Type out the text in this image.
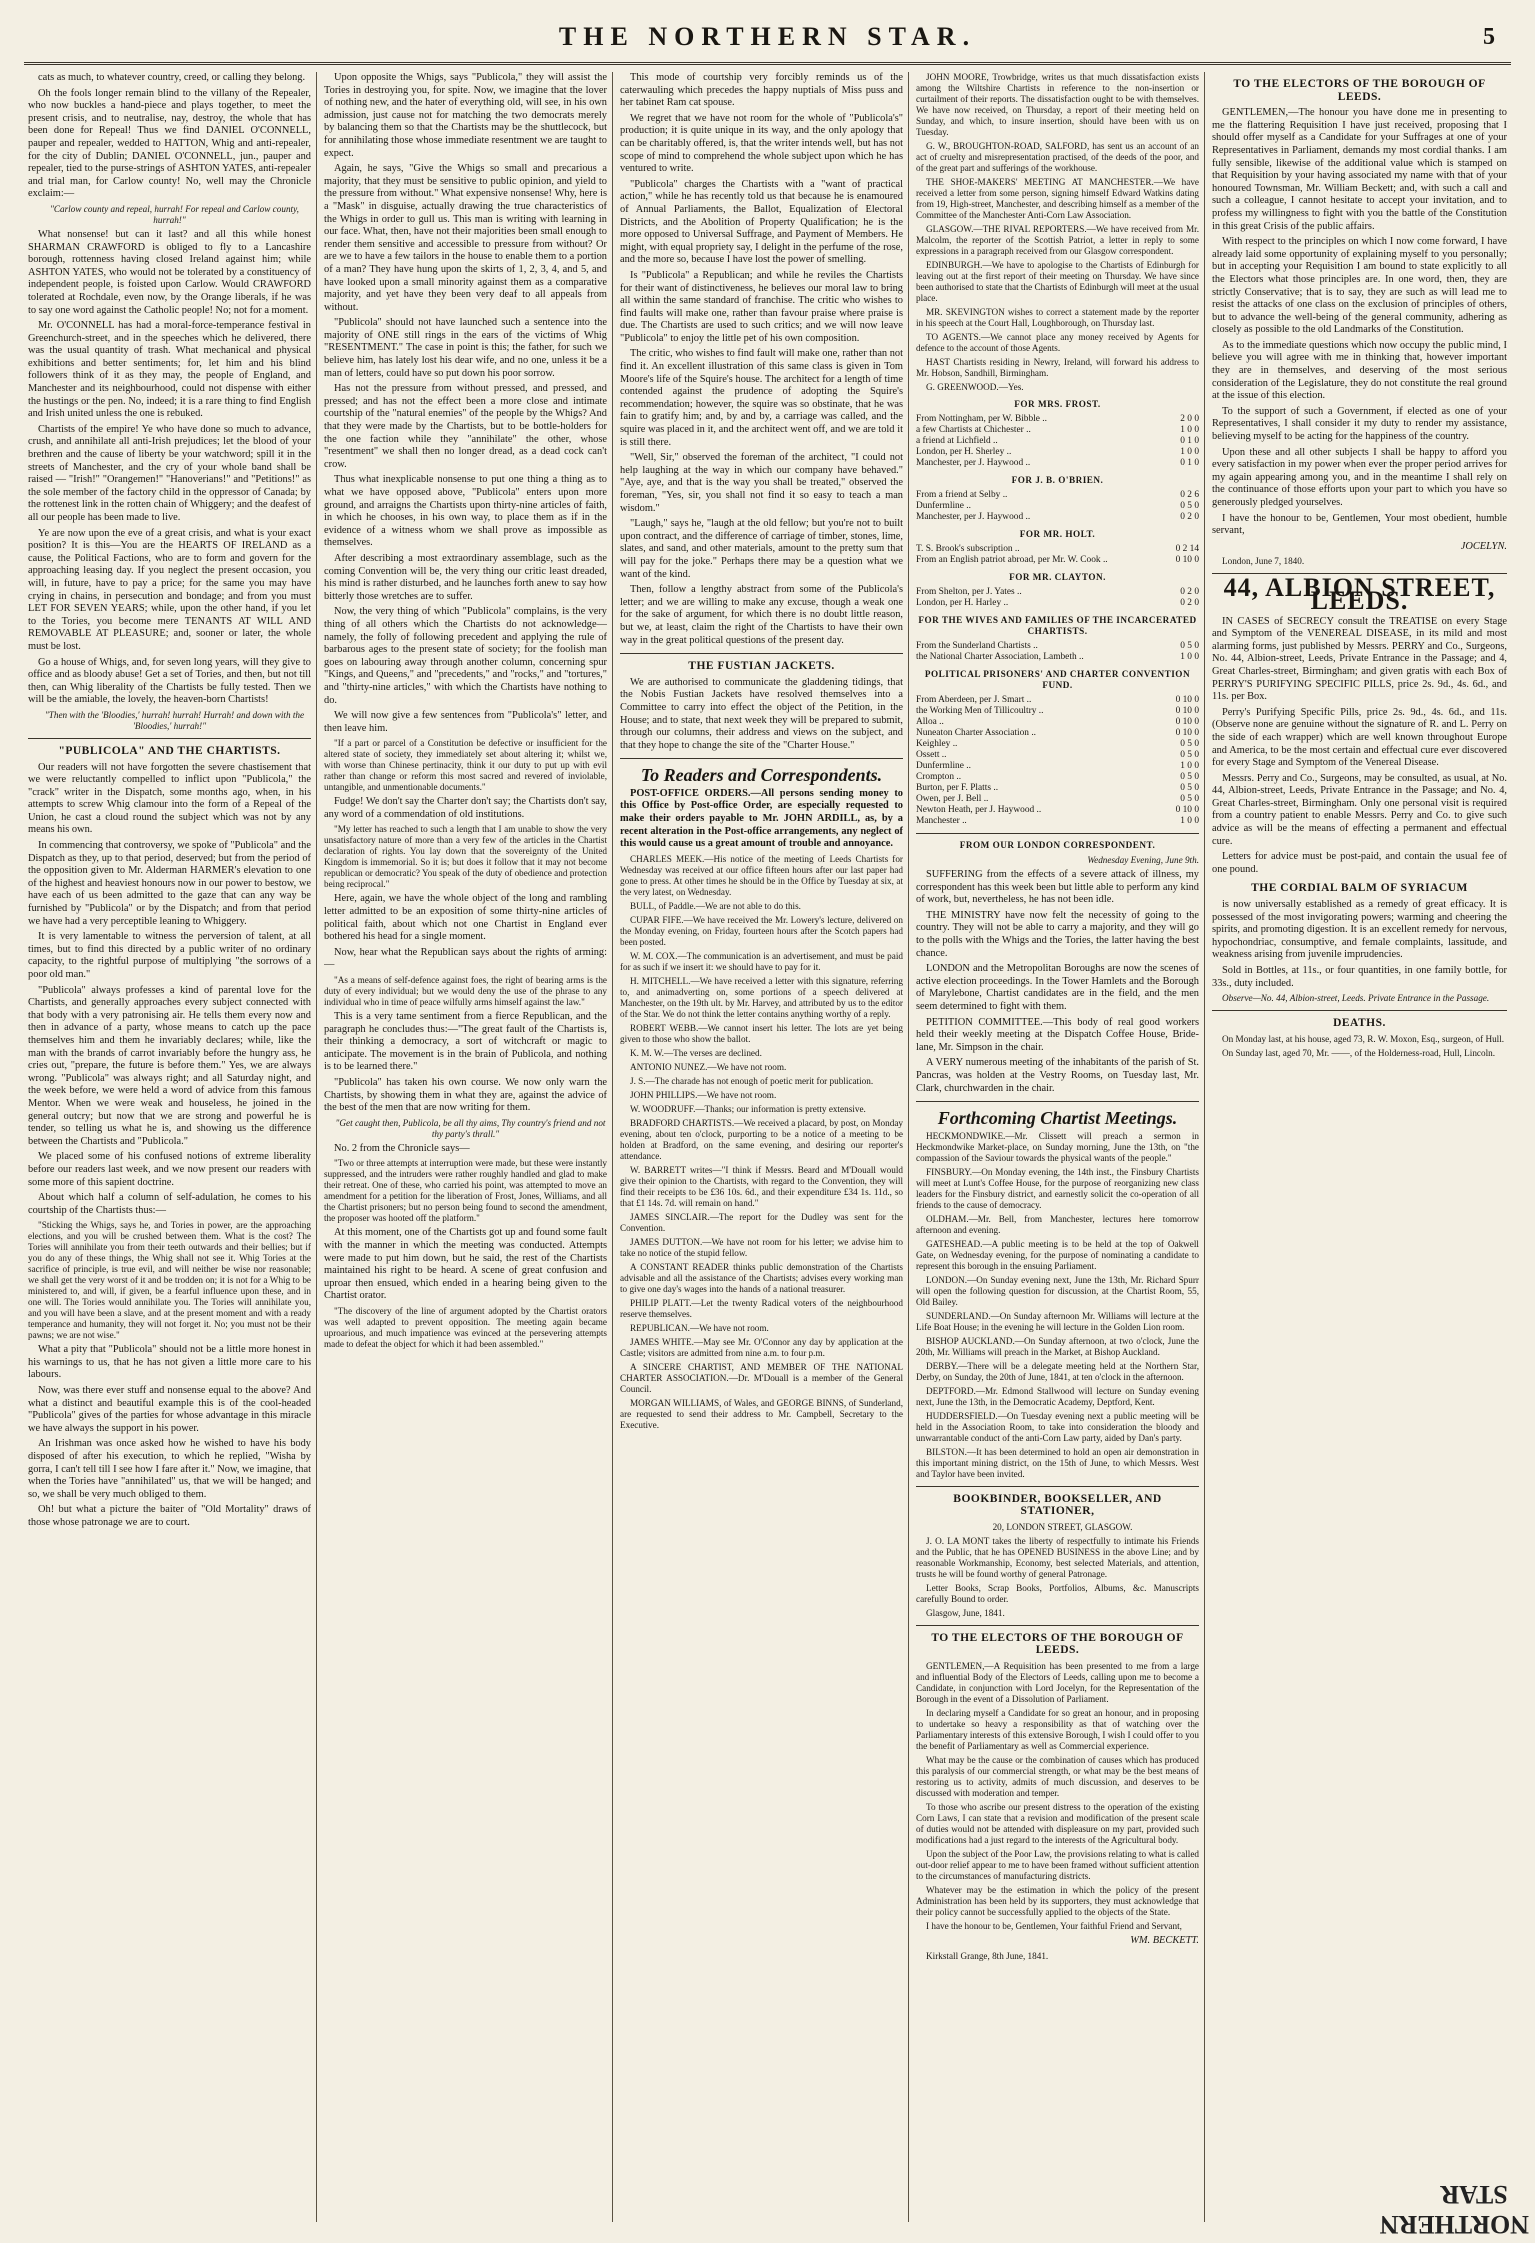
THE NORTHERN STAR.	5

cats as much, to whatever country, creed, or calling they belong.

Oh the fools longer remain blind to the villany of the Repealer, who now buckles a hand-piece and plays together, to meet the present crisis, and to neutralise, nay, destroy, the whole that has been done for Repeal! Thus we find DANIEL O'CONNELL, pauper and repealer, wedded to HATTON, Whig and anti-repealer, for the city of Dublin; DANIEL O'CONNELL, jun., pauper and repealer, tied to the purse-strings of ASHTON YATES, anti-repealer and trial man, for Carlow county! No, well may the Chronicle exclaim:—

"Carlow county and repeal, hurrah! For repeal and Carlow county, hurrah!"

What nonsense! but can it last? and all this while honest SHARMAN CRAWFORD is obliged to fly to a Lancashire borough, rottenness having closed Ireland against him; while ASHTON YATES, who would not be tolerated by a constituency of independent people, is foisted upon Carlow. Would CRAWFORD tolerated at Rochdale, even now, by the Orange liberals, if he was to say one word against the Catholic people! No; not for a moment.

Mr. O'CONNELL has had a moral-force-temperance festival in Greenchurch-street, and in the speeches which he delivered, there was the usual quantity of trash. What mechanical and physical exhibitions and better sentiments; for, let him and his blind followers think of it as they may, the people of England, and Manchester and its neighbourhood, could not dispense with either the hustings or the pen. No, indeed; it is a rare thing to find English and Irish united unless the one is rebuked.

Chartists of the empire! Ye who have done so much to advance, crush, and annihilate all anti-Irish prejudices; let the blood of your brethren and the cause of liberty be your watchword; spill it in the streets of Manchester, and the cry of your whole band shall be raised — "Irish!" "Orangemen!" "Hanoverians!" and "Petitions!" as the sole member of the factory child in the oppressor of Canada; by the rottenest link in the rotten chain of Whiggery; and the deafest of all our people has been made to live.

Ye are now upon the eve of a great crisis, and what is your exact position? It is this—You are the HEARTS OF IRELAND as a cause, the Political Factions, who are to form and govern for the approaching leasing day. If you neglect the present occasion, you will, in future, have to pay a price; for the same you may have crying in chains, in persecution and bondage; and from you must LET FOR SEVEN YEARS; while, upon the other hand, if you let to the Tories, you become mere TENANTS AT WILL AND REMOVABLE AT PLEASURE; and, sooner or later, the whole must be lost.

Go a house of Whigs, and, for seven long years, will they give to office and as bloody abuse! Get a set of Tories, and then, but not till then, can Whig liberality of the Chartists be fully tested. Then we will be the amiable, the lovely, the heaven-born Chartists!

"Then with the 'Bloodies,' hurrah! hurrah! Hurrah! and down with the 'Bloodies,' hurrah!"

"PUBLICOLA" AND THE CHARTISTS.

Our readers will not have forgotten the severe chastisement that we were reluctantly compelled to inflict upon "Publicola," the "crack" writer in the Dispatch, some months ago, when, in his attempts to screw Whig clamour into the form of a Repeal of the Union, he cast a cloud round the subject which was not by any means his own.

In commencing that controversy, we spoke of "Publicola" and the Dispatch as they, up to that period, deserved; but from the period of the opposition given to Mr. Alderman HARMER's elevation to one of the highest and heaviest honours now in our power to bestow, we have each of us been admitted to the gaze that can any way be furnished by "Publicola" or by the Dispatch; and from that period we have had a very perceptible leaning to Whiggery.

It is very lamentable to witness the perversion of talent, at all times, but to find this directed by a public writer of no ordinary capacity, to the rightful purpose of multiplying "the sorrows of a poor old man."

"Publicola" always professes a kind of parental love for the Chartists, and generally approaches every subject connected with that body with a very patronising air. He tells them every now and then in advance of a party, whose means to catch up the pace themselves him and them he invariably declares; while, like the man with the brands of carrot invariably before the hungry ass, he cries out, "prepare, the future is before them." Yes, we are always wrong. "Publicola" was always right; and all Saturday night, and the week before, we were held a word of advice from this famous Mentor. When we were weak and houseless, he joined in the general outcry; but now that we are strong and powerful he is tender, so telling us what he is, and showing us the difference between the Chartists and "Publicola."

We placed some of his confused notions of extreme liberality before our readers last week, and we now present our readers with some more of this sapient doctrine.

About which half a column of self-adulation, he comes to his courtship of the Chartists thus:—

"Sticking the Whigs, says he, and Tories in power, are the approaching elections, and you will be crushed between them. What is the cost? The Tories will annihilate you from their teeth outwards and their bellies; but if you do any of these things, the Whig shall not see it. Whig Tories at the sacrifice of principle, is true evil, and will neither be wise nor reasonable; we shall get the very worst of it and be trodden on; it is not for a Whig to be ministered to, and will, if given, be a fearful influence upon these, and in one will. The Tories would annihilate you. The Tories will annihilate you, and you will have been a slave, and at the present moment and with a ready temperance and humanity, they will not forget it. No; you must not be their pawns; we are not wise."

What a pity that "Publicola" should not be a little more honest in his warnings to us, that he has not given a little more care to his labours.

Now, was there ever stuff and nonsense equal to the above? And what a distinct and beautiful example this is of the cool-headed "Publicola" gives of the parties for whose advantage in this miracle we have always the support in his power.

An Irishman was once asked how he wished to have his body disposed of after his execution, to which he replied, "Wisha by gorra, I can't tell till I see how I fare after it." Now, we imagine, that when the Tories have "annihilated" us, that we will be hanged; and so, we shall be very much obliged to them.

Oh! but what a picture the baiter of "Old Mortality" draws of those whose patronage we are to court.

Upon opposite the Whigs, says "Publicola," they will assist the Tories in destroying you, for spite. Now, we imagine that the lover of nothing new, and the hater of everything old, will see, in his own admission, just cause not for matching the two democrats merely by balancing them so that the Chartists may be the shuttlecock, but for annihilating those whose immediate resentment we are taught to expect.

Again, he says, "Give the Whigs so small and precarious a majority, that they must be sensitive to public opinion, and yield to the pressure from without." What expensive nonsense! Why, here is a "Mask" in disguise, actually drawing the true characteristics of the Whigs in order to gull us. This man is writing with learning in our face. What, then, have not their majorities been small enough to render them sensitive and accessible to pressure from without? Or are we to have a few tailors in the house to enable them to a portion of a man? They have hung upon the skirts of 1, 2, 3, 4, and 5, and have looked upon a small minority against them as a comparative majority, and yet have they been very deaf to all appeals from without.

"Publicola" should not have launched such a sentence into the majority of ONE still rings in the ears of the victims of Whig "RESENTMENT." The case in point is this; the father, for such we believe him, has lately lost his dear wife, and no one, unless it be a man of letters, could have so put down his poor sorrow.

Has not the pressure from without pressed, and pressed, and pressed; and has not the effect been a more close and intimate courtship of the "natural enemies" of the people by the Whigs? And that they were made by the Chartists, but to be bottle-holders for the one faction while they "annihilate" the other, whose "resentment" we shall then no longer dread, as a dead cock can't crow.

Thus what inexplicable nonsense to put one thing a thing as to what we have opposed above, "Publicola" enters upon more ground, and arraigns the Chartists upon thirty-nine articles of faith, in which he chooses, in his own way, to place them as if in the evidence of a witness whom we shall prove as impossible as themselves.

After describing a most extraordinary assemblage, such as the coming Convention will be, the very thing our critic least dreaded, his mind is rather disturbed, and he launches forth anew to say how bitterly those wretches are to suffer.

Now, the very thing of which "Publicola" complains, is the very thing of all others which the Chartists do not acknowledge—namely, the folly of following precedent and applying the rule of barbarous ages to the present state of society; for the foolish man goes on labouring away through another column, concerning spur "Kings, and Queens," and "precedents," and "rocks," and "tortures," and "thirty-nine articles," with which the Chartists have nothing to do.

We will now give a few sentences from "Publicola's" letter, and then leave him.

"If a part or parcel of a Constitution be defective or insufficient for the altered state of society, they immediately set about altering it; whilst we, with worse than Chinese pertinacity, think it our duty to put up with evil rather than change or reform this most sacred and revered of inviolable, untangible, and unmentionable documents."

Fudge! We don't say the Charter don't say; the Chartists don't say, any word of a commendation of old institutions.

"My letter has reached to such a length that I am unable to show the very unsatisfactory nature of more than a very few of the articles in the Chartist declaration of rights. You lay down that the sovereignty of the United Kingdom is immemorial. So it is; but does it follow that it may not become republican or democratic? You speak of the duty of obedience and protection being reciprocal."

Here, again, we have the whole object of the long and rambling letter admitted to be an exposition of some thirty-nine articles of political faith, about which not one Chartist in England ever bothered his head for a single moment.

Now, hear what the Republican says about the rights of arming:—

"As a means of self-defence against foes, the right of bearing arms is the duty of every individual; but we would deny the use of the phrase to any individual who in time of peace wilfully arms himself against the law."

This is a very tame sentiment from a fierce Republican, and the paragraph he concludes thus:—"The great fault of the Chartists is, their thinking a democracy, a sort of witchcraft or magic to anticipate. The movement is in the brain of Publicola, and nothing is to be learned there."

"Publicola" has taken his own course. We now only warn the Chartists, by showing them in what they are, against the advice of the best of the men that are now writing for them.

"Get caught then, Publicola, be all thy aims, Thy country's friend and not thy party's thrall."

No. 2 from the Chronicle says—

"Two or three attempts at interruption were made, but these were instantly suppressed, and the intruders were rather roughly handled and glad to make their retreat. One of these, who carried his point, was attempted to move an amendment for a petition for the liberation of Frost, Jones, Williams, and all the Chartist prisoners; but no person being found to second the amendment, the proposer was hooted off the platform."

At this moment, one of the Chartists got up and found some fault with the manner in which the meeting was conducted. Attempts were made to put him down, but he said, the rest of the Chartists maintained his right to be heard. A scene of great confusion and uproar then ensued, which ended in a hearing being given to the Chartist orator.

"The discovery of the line of argument adopted by the Chartist orators was well adapted to prevent opposition. The meeting again became uproarious, and much impatience was evinced at the persevering attempts made to defeat the object for which it had been assembled."

This mode of courtship very forcibly reminds us of the caterwauling which precedes the happy nuptials of Miss puss and her tabinet Ram cat spouse.

We regret that we have not room for the whole of "Publicola's" production; it is quite unique in its way, and the only apology that can be charitably offered, is, that the writer intends well, but has not scope of mind to comprehend the whole subject upon which he has ventured to write.

"Publicola" charges the Chartists with a "want of practical action," while he has recently told us that because he is enamoured of Annual Parliaments, the Ballot, Equalization of Electoral Districts, and the Abolition of Property Qualification; he is the more opposed to Universal Suffrage, and Payment of Members. He might, with equal propriety say, I delight in the perfume of the rose, and the more so, because I have lost the power of smelling.

Is "Publicola" a Republican; and while he reviles the Chartists for their want of distinctiveness, he believes our moral law to bring all within the same standard of franchise. The critic who wishes to find faults will make one, rather than favour praise where praise is due. The Chartists are used to such critics; and we will now leave "Publicola" to enjoy the little pet of his own composition.

The critic, who wishes to find fault will make one, rather than not find it. An excellent illustration of this same class is given in Tom Moore's life of the Squire's house. The architect for a length of time contended against the prudence of adopting the Squire's recommendation; however, the squire was so obstinate, that he was fain to gratify him; and, by and by, a carriage was called, and the squire was placed in it, and the architect went off, and we are told it is still there.

"Well, Sir," observed the foreman of the architect, "I could not help laughing at the way in which our company have behaved." "Aye, aye, and that is the way you shall be treated," observed the foreman, "Yes, sir, you shall not find it so easy to teach a man wisdom."

"Laugh," says he, "laugh at the old fellow; but you're not to built upon contract, and the difference of carriage of timber, stones, lime, slates, and sand, and other materials, amount to the pretty sum that will pay for the joke." Perhaps there may be a question what we want of the kind.

Then, follow a lengthy abstract from some of the Publicola's letter; and we are willing to make any excuse, though a weak one for the sake of argument, for which there is no doubt little reason, but we, at least, claim the right of the Chartists to have their own way in the great political questions of the present day.

THE FUSTIAN JACKETS.

We are authorised to communicate the gladdening tidings, that the Nobis Fustian Jackets have resolved themselves into a Committee to carry into effect the object of the Petition, in the House; and to state, that next week they will be prepared to submit, through our columns, their address and views on the subject, and that they hope to change the site of the "Charter House."

To Readers and Correspondents.

POST-OFFICE ORDERS.—All persons sending money to this Office by Post-office Order, are especially requested to make their orders payable to Mr. JOHN ARDILL, as, by a recent alteration in the Post-office arrangements, any neglect of this would cause us a great amount of trouble and annoyance.

CHARLES MEEK.—His notice of the meeting of Leeds Chartists for Wednesday was received at our office fifteen hours after our last paper had gone to press. At other times he should be in the Office by Tuesday at six, at the very latest, on Wednesday.

BULL, of Paddle.—We are not able to do this.

CUPAR FIFE.—We have received the Mr. Lowery's lecture, delivered on the Monday evening, on Friday, fourteen hours after the Scotch papers had been posted.

W. M. COX.—The communication is an advertisement, and must be paid for as such if we insert it: we should have to pay for it.

H. MITCHELL.—We have received a letter with this signature, referring to, and animadverting on, some portions of a speech delivered at Manchester, on the 19th ult. by Mr. Harvey, and attributed by us to the editor of the Star. We do not think the letter contains anything worthy of a reply.

ROBERT WEBB.—We cannot insert his letter. The lots are yet being given to those who show the ballot.

K. M. W.—The verses are declined.

ANTONIO NUNEZ.—We have not room.

J. S.—The charade has not enough of poetic merit for publication.

JOHN PHILLIPS.—We have not room.

W. WOODRUFF.—Thanks; our information is pretty extensive.

BRADFORD CHARTISTS.—We received a placard, by post, on Monday evening, about ten o'clock, purporting to be a notice of a meeting to be holden at Bradford, on the same evening, and desiring our reporter's attendance.

W. BARRETT writes—"I think if Messrs. Beard and M'Douall would give their opinion to the Chartists, with regard to the Convention, they will find their receipts to be £36 10s. 6d., and their expenditure £34 1s. 11d., so that £1 14s. 7d. will remain on hand."

JAMES SINCLAIR.—The report for the Dudley was sent for the Convention.

JAMES DUTTON.—We have not room for his letter; we advise him to take no notice of the stupid fellow.

A CONSTANT READER thinks public demonstration of the Chartists advisable and all the assistance of the Chartists; advises every working man to give one day's wages into the hands of a national treasurer.

PHILIP PLATT.—Let the twenty Radical voters of the neighbourhood reserve themselves.

REPUBLICAN.—We have not room.

JAMES WHITE.—May see Mr. O'Connor any day by application at the Castle; visitors are admitted from nine a.m. to four p.m.

A SINCERE CHARTIST, AND MEMBER OF THE NATIONAL CHARTER ASSOCIATION.—Dr. M'Douall is a member of the General Council.

MORGAN WILLIAMS, of Wales, and GEORGE BINNS, of Sunderland, are requested to send their address to Mr. Campbell, Secretary to the Executive.

JOHN MOORE, Trowbridge, writes us that much dissatisfaction exists among the Wiltshire Chartists in reference to the non-insertion or curtailment of their reports. The dissatisfaction ought to be with themselves. We have now received, on Thursday, a report of their meeting held on Sunday, and which, to insure insertion, should have been with us on Tuesday.

G. W., BROUGHTON-ROAD, SALFORD, has sent us an account of an act of cruelty and misrepresentation practised, of the deeds of the poor, and of the great part and sufferings of the workhouse.

THE SHOE-MAKERS' MEETING AT MANCHESTER.—We have received a letter from some person, signing himself Edward Watkins dating from 19, High-street, Manchester, and describing himself as a member of the Committee of the Manchester Anti-Corn Law Association.

GLASGOW.—THE RIVAL REPORTERS.—We have received from Mr. Malcolm, the reporter of the Scottish Patriot, a letter in reply to some expressions in a paragraph received from our Glasgow correspondent.

EDINBURGH.—We have to apologise to the Chartists of Edinburgh for leaving out at the first report of their meeting on Thursday. We have since been authorised to state that the Chartists of Edinburgh will meet at the usual place.

MR. SKEVINGTON wishes to correct a statement made by the reporter in his speech at the Court Hall, Loughborough, on Thursday last.

TO AGENTS.—We cannot place any money received by Agents for defence to the account of those Agents.

HAST Chartists residing in Newry, Ireland, will forward his address to Mr. Hobson, Sandhill, Birmingham.

G. GREENWOOD.—Yes.

FOR MRS. FROST.
From Nottingham, per W. Bibble ..	2 0 0
a few Chartists at Chichester ..	1 0 0
a friend at Lichfield ..	0 1 0
London, per H. Sherley ..	1 0 0
Manchester, per J. Haywood ..	0 1 0
FOR J. B. O'BRIEN.
From a friend at Selby ..	0 2 6
Dunfermline ..	0 5 0
Manchester, per J. Haywood ..	0 2 0
FOR MR. HOLT.
T. S. Brook's subscription ..	0 2 14
From an English patriot abroad, per Mr. W. Cook ..	0 10 0
FOR MR. CLAYTON.
From Shelton, per J. Yates ..	0 2 0
London, per H. Harley ..	0 2 0
FOR THE WIVES AND FAMILIES OF THE INCARCERATED CHARTISTS.
From the Sunderland Chartists ..	0 5 0
the National Charter Association, Lambeth ..	1 0 0
POLITICAL PRISONERS' AND CHARTER CONVENTION FUND.
From Aberdeen, per J. Smart ..	0 10 0
the Working Men of Tillicoultry ..	0 10 0
Alloa ..	0 10 0
Nuneaton Charter Association ..	0 10 0
Keighley ..	0 5 0
Ossett ..	0 5 0
Dunfermline ..	1 0 0
Crompton ..	0 5 0
Burton, per F. Platts ..	0 5 0
Owen, per J. Bell ..	0 5 0
Newton Heath, per J. Haywood ..	0 10 0
Manchester ..	1 0 0
FROM OUR LONDON CORRESPONDENT.

Wednesday Evening, June 9th.

SUFFERING from the effects of a severe attack of illness, my correspondent has this week been but little able to perform any kind of work, but, nevertheless, he has not been idle.

THE MINISTRY have now felt the necessity of going to the country. They will not be able to carry a majority, and they will go to the polls with the Whigs and the Tories, the latter having the best chance.

LONDON and the Metropolitan Boroughs are now the scenes of active election proceedings. In the Tower Hamlets and the Borough of Marylebone, Chartist candidates are in the field, and the men seem determined to fight with them.

PETITION COMMITTEE.—This body of real good workers held their weekly meeting at the Dispatch Coffee House, Bride-lane, Mr. Simpson in the chair.

A VERY numerous meeting of the inhabitants of the parish of St. Pancras, was holden at the Vestry Rooms, on Tuesday last, Mr. Clark, churchwarden in the chair.

Forthcoming Chartist Meetings.

HECKMONDWIKE.—Mr. Clissett will preach a sermon in Heckmondwike Market-place, on Sunday morning, June the 13th, on "the compassion of the Saviour towards the physical wants of the people."

FINSBURY.—On Monday evening, the 14th inst., the Finsbury Chartists will meet at Lunt's Coffee House, for the purpose of reorganizing new class leaders for the Finsbury district, and earnestly solicit the co-operation of all friends to the cause of democracy.

OLDHAM.—Mr. Bell, from Manchester, lectures here tomorrow afternoon and evening.

GATESHEAD.—A public meeting is to be held at the top of Oakwell Gate, on Wednesday evening, for the purpose of nominating a candidate to represent this borough in the ensuing Parliament.

LONDON.—On Sunday evening next, June the 13th, Mr. Richard Spurr will open the following question for discussion, at the Chartist Room, 55, Old Bailey.

SUNDERLAND.—On Sunday afternoon Mr. Williams will lecture at the Life Boat House; in the evening he will lecture in the Golden Lion room.

BISHOP AUCKLAND.—On Sunday afternoon, at two o'clock, June the 20th, Mr. Williams will preach in the Market, at Bishop Auckland.

DERBY.—There will be a delegate meeting held at the Northern Star, Derby, on Sunday, the 20th of June, 1841, at ten o'clock in the afternoon.

DEPTFORD.—Mr. Edmond Stallwood will lecture on Sunday evening next, June the 13th, in the Democratic Academy, Deptford, Kent.

HUDDERSFIELD.—On Tuesday evening next a public meeting will be held in the Association Room, to take into consideration the bloody and unwarrantable conduct of the anti-Corn Law party, aided by Dan's party.

BILSTON.—It has been determined to hold an open air demonstration in this important mining district, on the 15th of June, to which Messrs. West and Taylor have been invited.

BOOKBINDER, BOOKSELLER, AND STATIONER,

20, LONDON STREET, GLASGOW.

J. O. LA MONT takes the liberty of respectfully to intimate his Friends and the Public, that he has OPENED BUSINESS in the above Line; and by reasonable Workmanship, Economy, best selected Materials, and attention, trusts he will be found worthy of general Patronage.

Letter Books, Scrap Books, Portfolios, Albums, &c. Manuscripts carefully Bound to order.

Glasgow, June, 1841.

TO THE ELECTORS OF THE BOROUGH OF LEEDS.

GENTLEMEN,—A Requisition has been presented to me from a large and influential Body of the Electors of Leeds, calling upon me to become a Candidate, in conjunction with Lord Jocelyn, for the Representation of the Borough in the event of a Dissolution of Parliament.

In declaring myself a Candidate for so great an honour, and in proposing to undertake so heavy a responsibility as that of watching over the Parliamentary interests of this extensive Borough, I wish I could offer to you the benefit of Parliamentary as well as Commercial experience.

What may be the cause or the combination of causes which has produced this paralysis of our commercial strength, or what may be the best means of restoring us to activity, admits of much discussion, and deserves to be discussed with moderation and temper.

To those who ascribe our present distress to the operation of the existing Corn Laws, I can state that a revision and modification of the present scale of duties would not be attended with displeasure on my part, provided such modifications had a just regard to the interests of the Agricultural body.

Upon the subject of the Poor Law, the provisions relating to what is called out-door relief appear to me to have been framed without sufficient attention to the circumstances of manufacturing districts.

Whatever may be the estimation in which the policy of the present Administration has been held by its supporters, they must acknowledge that their policy cannot be successfully applied to the objects of the State.

I have the honour to be, Gentlemen, Your faithful Friend and Servant,

WM. BECKETT.

Kirkstall Grange, 8th June, 1841.

TO THE ELECTORS OF THE BOROUGH OF LEEDS.

GENTLEMEN,—The honour you have done me in presenting to me the flattering Requisition I have just received, proposing that I should offer myself as a Candidate for your Suffrages at one of your Representatives in Parliament, demands my most cordial thanks. I am fully sensible, likewise of the additional value which is stamped on that Requisition by your having associated my name with that of your honoured Townsman, Mr. William Beckett; and, with such a call and such a colleague, I cannot hesitate to accept your invitation, and to profess my willingness to fight with you the battle of the Constitution in this great Crisis of the public affairs.

With respect to the principles on which I now come forward, I have already laid some opportunity of explaining myself to you personally; but in accepting your Requisition I am bound to state explicitly to all the Electors what those principles are. In one word, then, they are strictly Conservative; that is to say, they are such as will lead me to resist the attacks of one class on the exclusion of principles of others, but to advance the well-being of the general community, adhering as closely as possible to the old Landmarks of the Constitution.

As to the immediate questions which now occupy the public mind, I believe you will agree with me in thinking that, however important they are in themselves, and deserving of the most serious consideration of the Legislature, they do not constitute the real ground at the issue of this election.

To the support of such a Government, if elected as one of your Representatives, I shall consider it my duty to render my assistance, believing myself to be acting for the happiness of the country.

Upon these and all other subjects I shall be happy to afford you every satisfaction in my power when ever the proper period arrives for my again appearing among you, and in the meantime I shall rely on the continuance of those efforts upon your part to which you have so generously pledged yourselves.

I have the honour to be, Gentlemen, Your most obedient, humble servant,

JOCELYN.

London, June 7, 1840.

44, ALBION STREET, LEEDS.

IN CASES of SECRECY consult the TREATISE on every Stage and Symptom of the VENEREAL DISEASE, in its mild and most alarming forms, just published by Messrs. PERRY and Co., Surgeons, No. 44, Albion-street, Leeds, Private Entrance in the Passage; and 4, Great Charles-street, Birmingham; and given gratis with each Box of PERRY'S PURIFYING SPECIFIC PILLS, price 2s. 9d., 4s. 6d., and 11s. per Box.

Perry's Purifying Specific Pills, price 2s. 9d., 4s. 6d., and 11s. (Observe none are genuine without the signature of R. and L. Perry on the side of each wrapper) which are well known throughout Europe and America, to be the most certain and effectual cure ever discovered for every Stage and Symptom of the Venereal Disease.

Messrs. Perry and Co., Surgeons, may be consulted, as usual, at No. 44, Albion-street, Leeds, Private Entrance in the Passage; and No. 4, Great Charles-street, Birmingham. Only one personal visit is required from a country patient to enable Messrs. Perry and Co. to give such advice as will be the means of effecting a permanent and effectual cure.

Letters for advice must be post-paid, and contain the usual fee of one pound.

THE CORDIAL BALM OF SYRIACUM

is now universally established as a remedy of great efficacy. It is possessed of the most invigorating powers; warming and cheering the spirits, and promoting digestion. It is an excellent remedy for nervous, hypochondriac, consumptive, and female complaints, lassitude, and weakness arising from juvenile imprudencies.

Sold in Bottles, at 11s., or four quantities, in one family bottle, for 33s., duty included.

Observe—No. 44, Albion-street, Leeds. Private Entrance in the Passage.

DEATHS.

On Monday last, at his house, aged 73, R. W. Moxon, Esq., surgeon, of Hull.

On Sunday last, aged 70, Mr. ——, of the Holderness-road, Hull, Lincoln.

NORTHERN STAR
